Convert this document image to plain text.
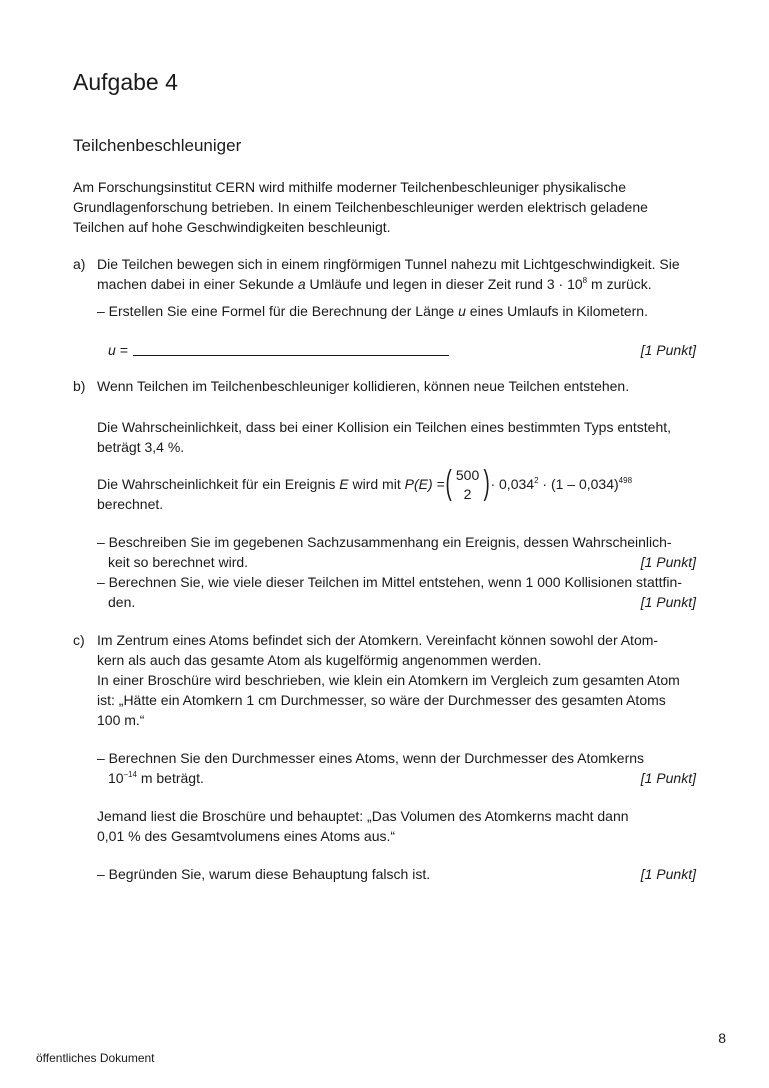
Aufgabe 4
Teilchenbeschleuniger
Am Forschungsinstitut CERN wird mithilfe moderner Teilchenbeschleuniger physikalische
Grundlagenforschung betrieben. In einem Teilchenbeschleuniger werden elektrisch geladene
Teilchen auf hohe Geschwindigkeiten beschleunigt.
a) Die Teilchen bewegen sich in einem ringförmigen Tunnel nahezu mit Lichtgeschwindigkeit. Sie
machen dabei in einer Sekunde a Umläufe und legen in dieser Zeit rund $3 \cdot 10^8$ m zurück.
– Erstellen Sie eine Formel für die Berechnung der Länge u eines Umlaufs in Kilometern.
u =	[1 Punkt]
b) Wenn Teilchen im Teilchenbeschleuniger kollidieren, können neue Teilchen entstehen.
Die Wahrscheinlichkeit, dass bei einer Kollision ein Teilchen eines bestimmten Typs entsteht,
beträgt 3,4 %.
Die Wahrscheinlichkeit für ein Ereignis E wird mit P(E) = ( 500
2 ) · $0,034^2 \cdot (1 - 0,034)^{498}$
berechnet.
– Beschreiben Sie im gegebenen Sachzusammenhang ein Ereignis, dessen Wahrscheinlich-
keit so berechnet wird.	[1 Punkt]
– Berechnen Sie, wie viele dieser Teilchen im Mittel entstehen, wenn 1 000 Kollisionen stattfin-
den.	[1 Punkt]
c) Im Zentrum eines Atoms befindet sich der Atomkern. Vereinfacht können sowohl der Atom-
kern als auch das gesamte Atom als kugelförmig angenommen werden.
In einer Broschüre wird beschrieben, wie klein ein Atomkern im Vergleich zum gesamten Atom
ist: „Hätte ein Atomkern 1 cm Durchmesser, so wäre der Durchmesser des gesamten Atoms
100 m.“
– Berechnen Sie den Durchmesser eines Atoms, wenn der Durchmesser des Atomkerns
$10^{-14}$ m beträgt.	[1 Punkt]
Jemand liest die Broschüre und behauptet: „Das Volumen des Atomkerns macht dann
0,01 % des Gesamtvolumens eines Atoms aus.“
– Begründen Sie, warum diese Behauptung falsch ist.	[1 Punkt]
8
öffentliches Dokument
